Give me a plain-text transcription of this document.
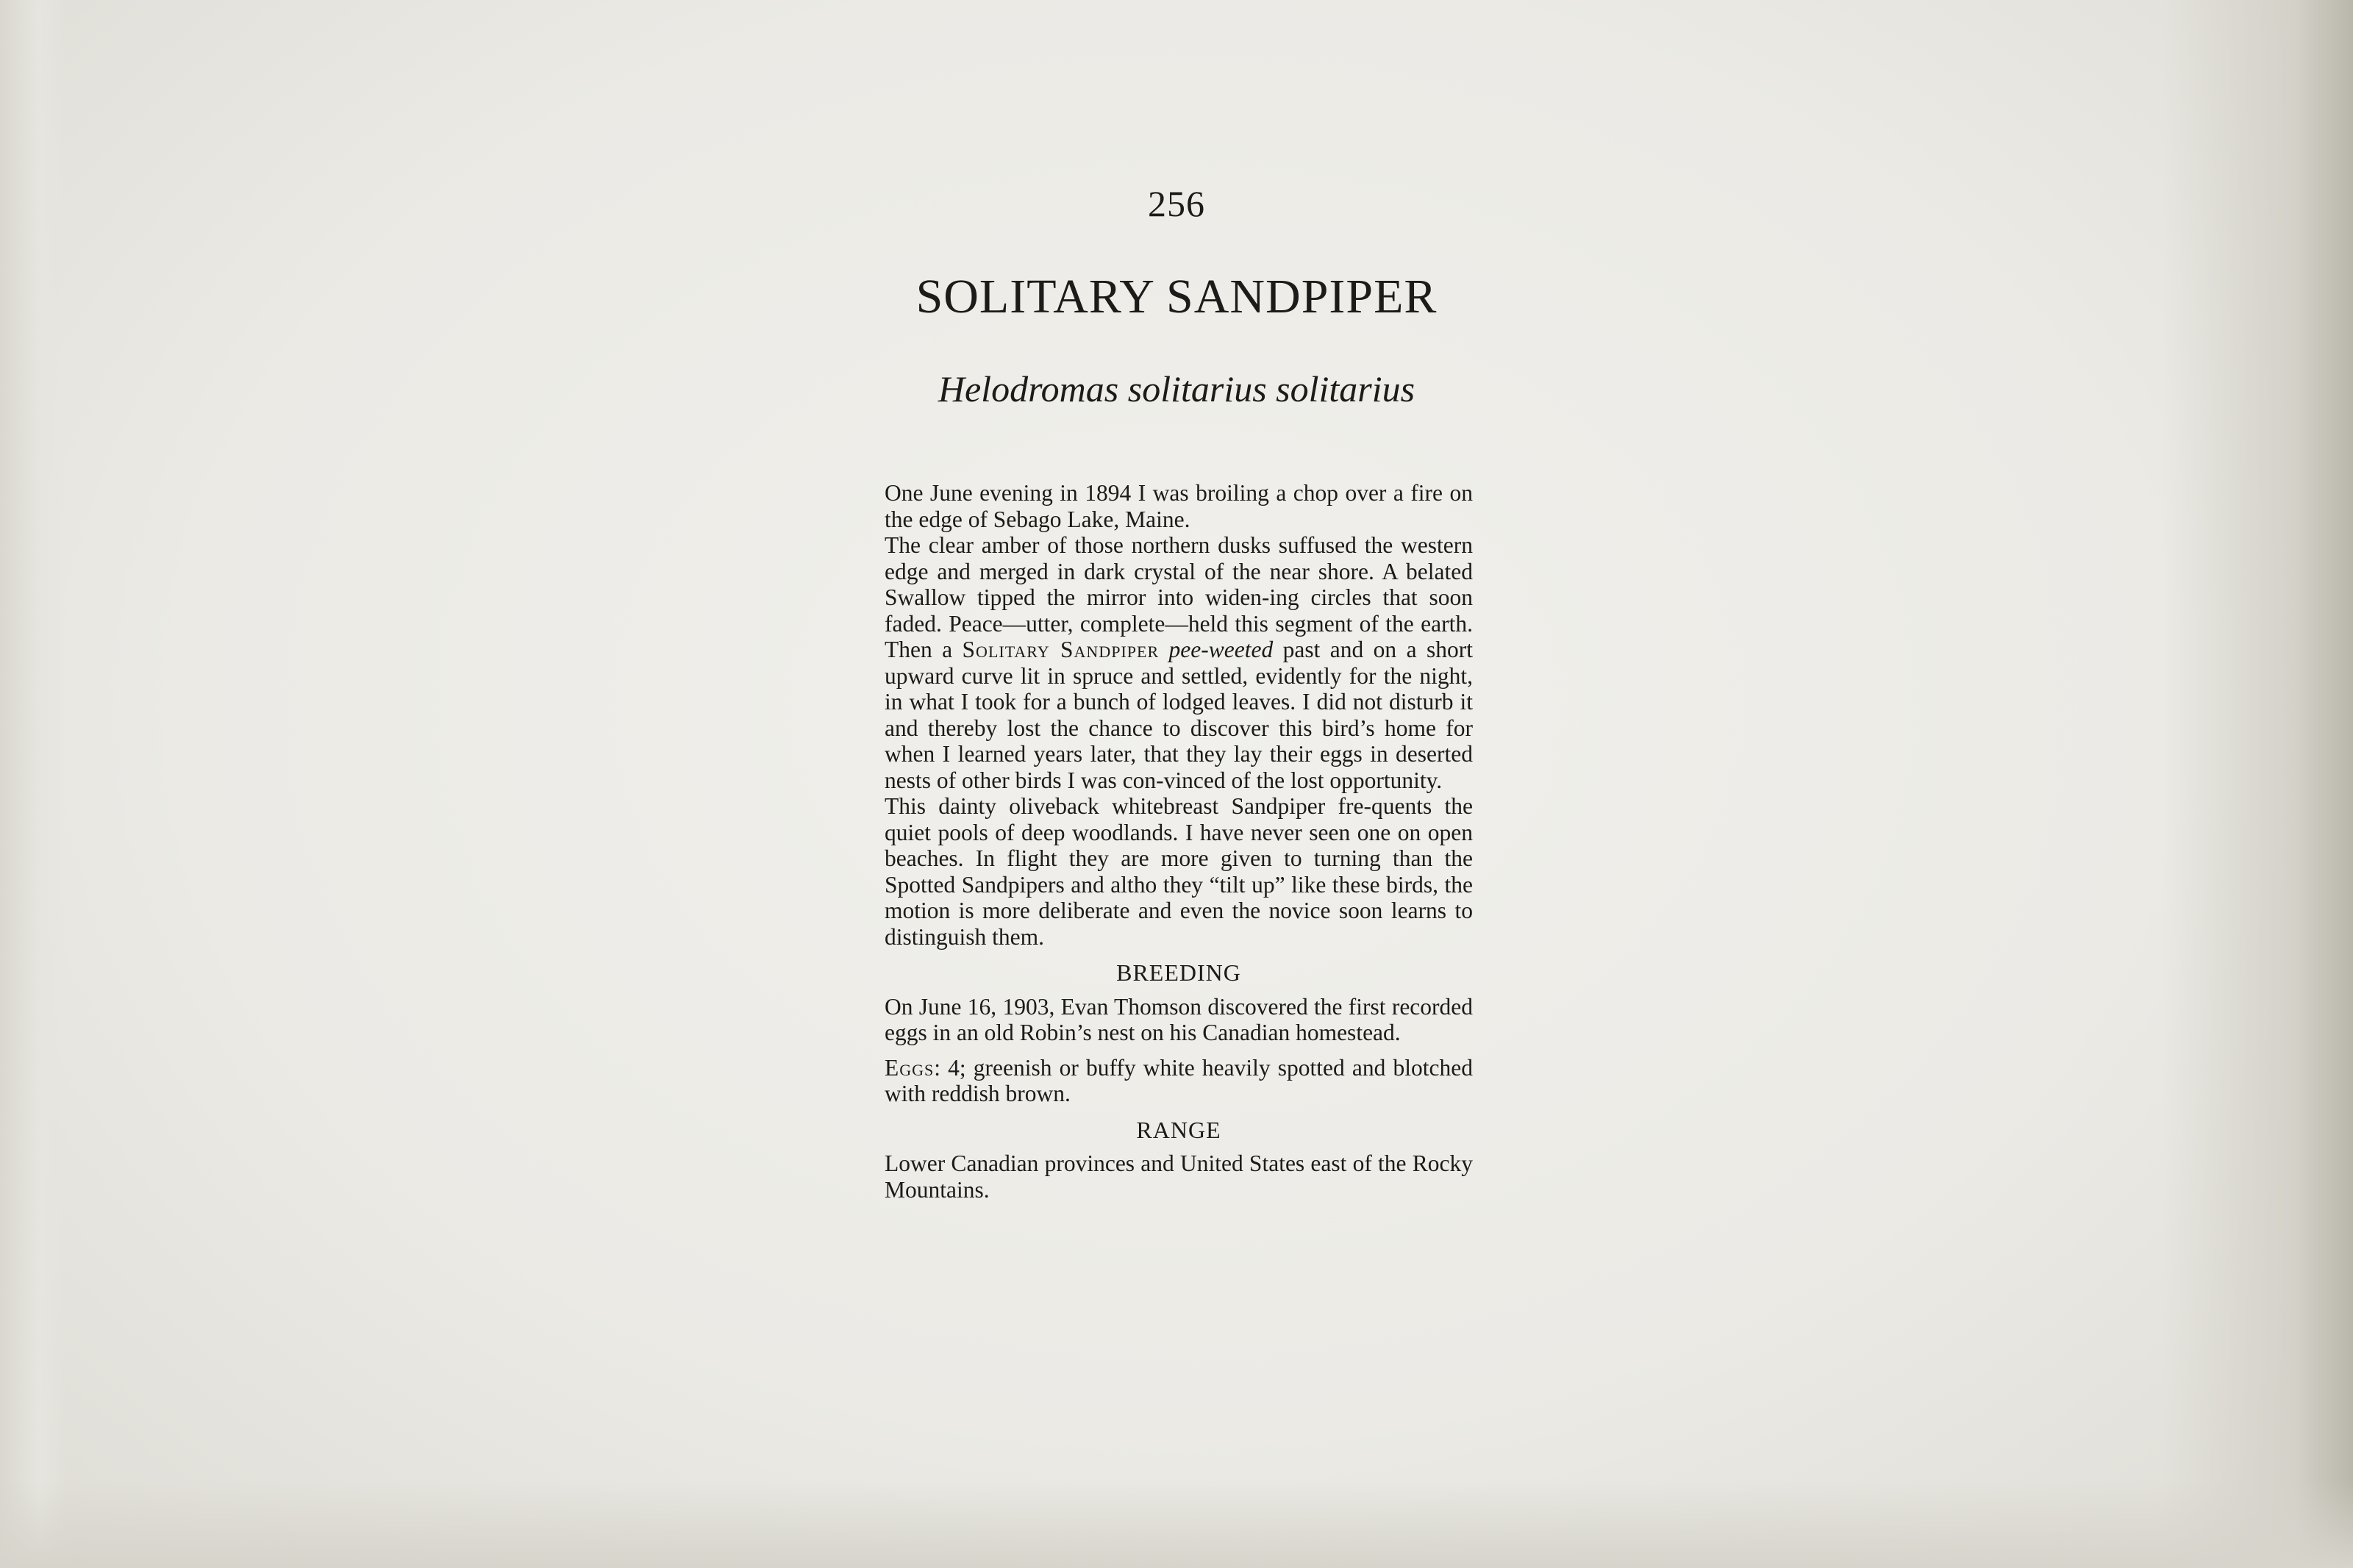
256
SOLITARY SANDPIPER
Helodromas solitarius solitarius

One June evening in 1894 I was broiling a chop over a fire on the edge of Sebago Lake, Maine.

The clear amber of those northern dusks suffused the western edge and merged in dark crystal of the near shore. A belated Swallow tipped the mirror into widen-ing circles that soon faded. Peace—utter, complete—held this segment of the earth. Then a Solitary Sandpiper pee-weeted past and on a short upward curve lit in spruce and settled, evidently for the night, in what I took for a bunch of lodged leaves. I did not disturb it and thereby lost the chance to discover this bird’s home for when I learned years later, that they lay their eggs in deserted nests of other birds I was con-vinced of the lost opportunity.

This dainty oliveback whitebreast Sandpiper fre-quents the quiet pools of deep woodlands. I have never seen one on open beaches. In flight they are more given to turning than the Spotted Sandpipers and altho they “tilt up” like these birds, the motion is more deliberate and even the novice soon learns to distinguish them.

BREEDING

On June 16, 1903, Evan Thomson discovered the first recorded eggs in an old Robin’s nest on his Canadian homestead.

Eggs: 4; greenish or buffy white heavily spotted and blotched with reddish brown.

RANGE

Lower Canadian provinces and United States east of the Rocky Mountains.
